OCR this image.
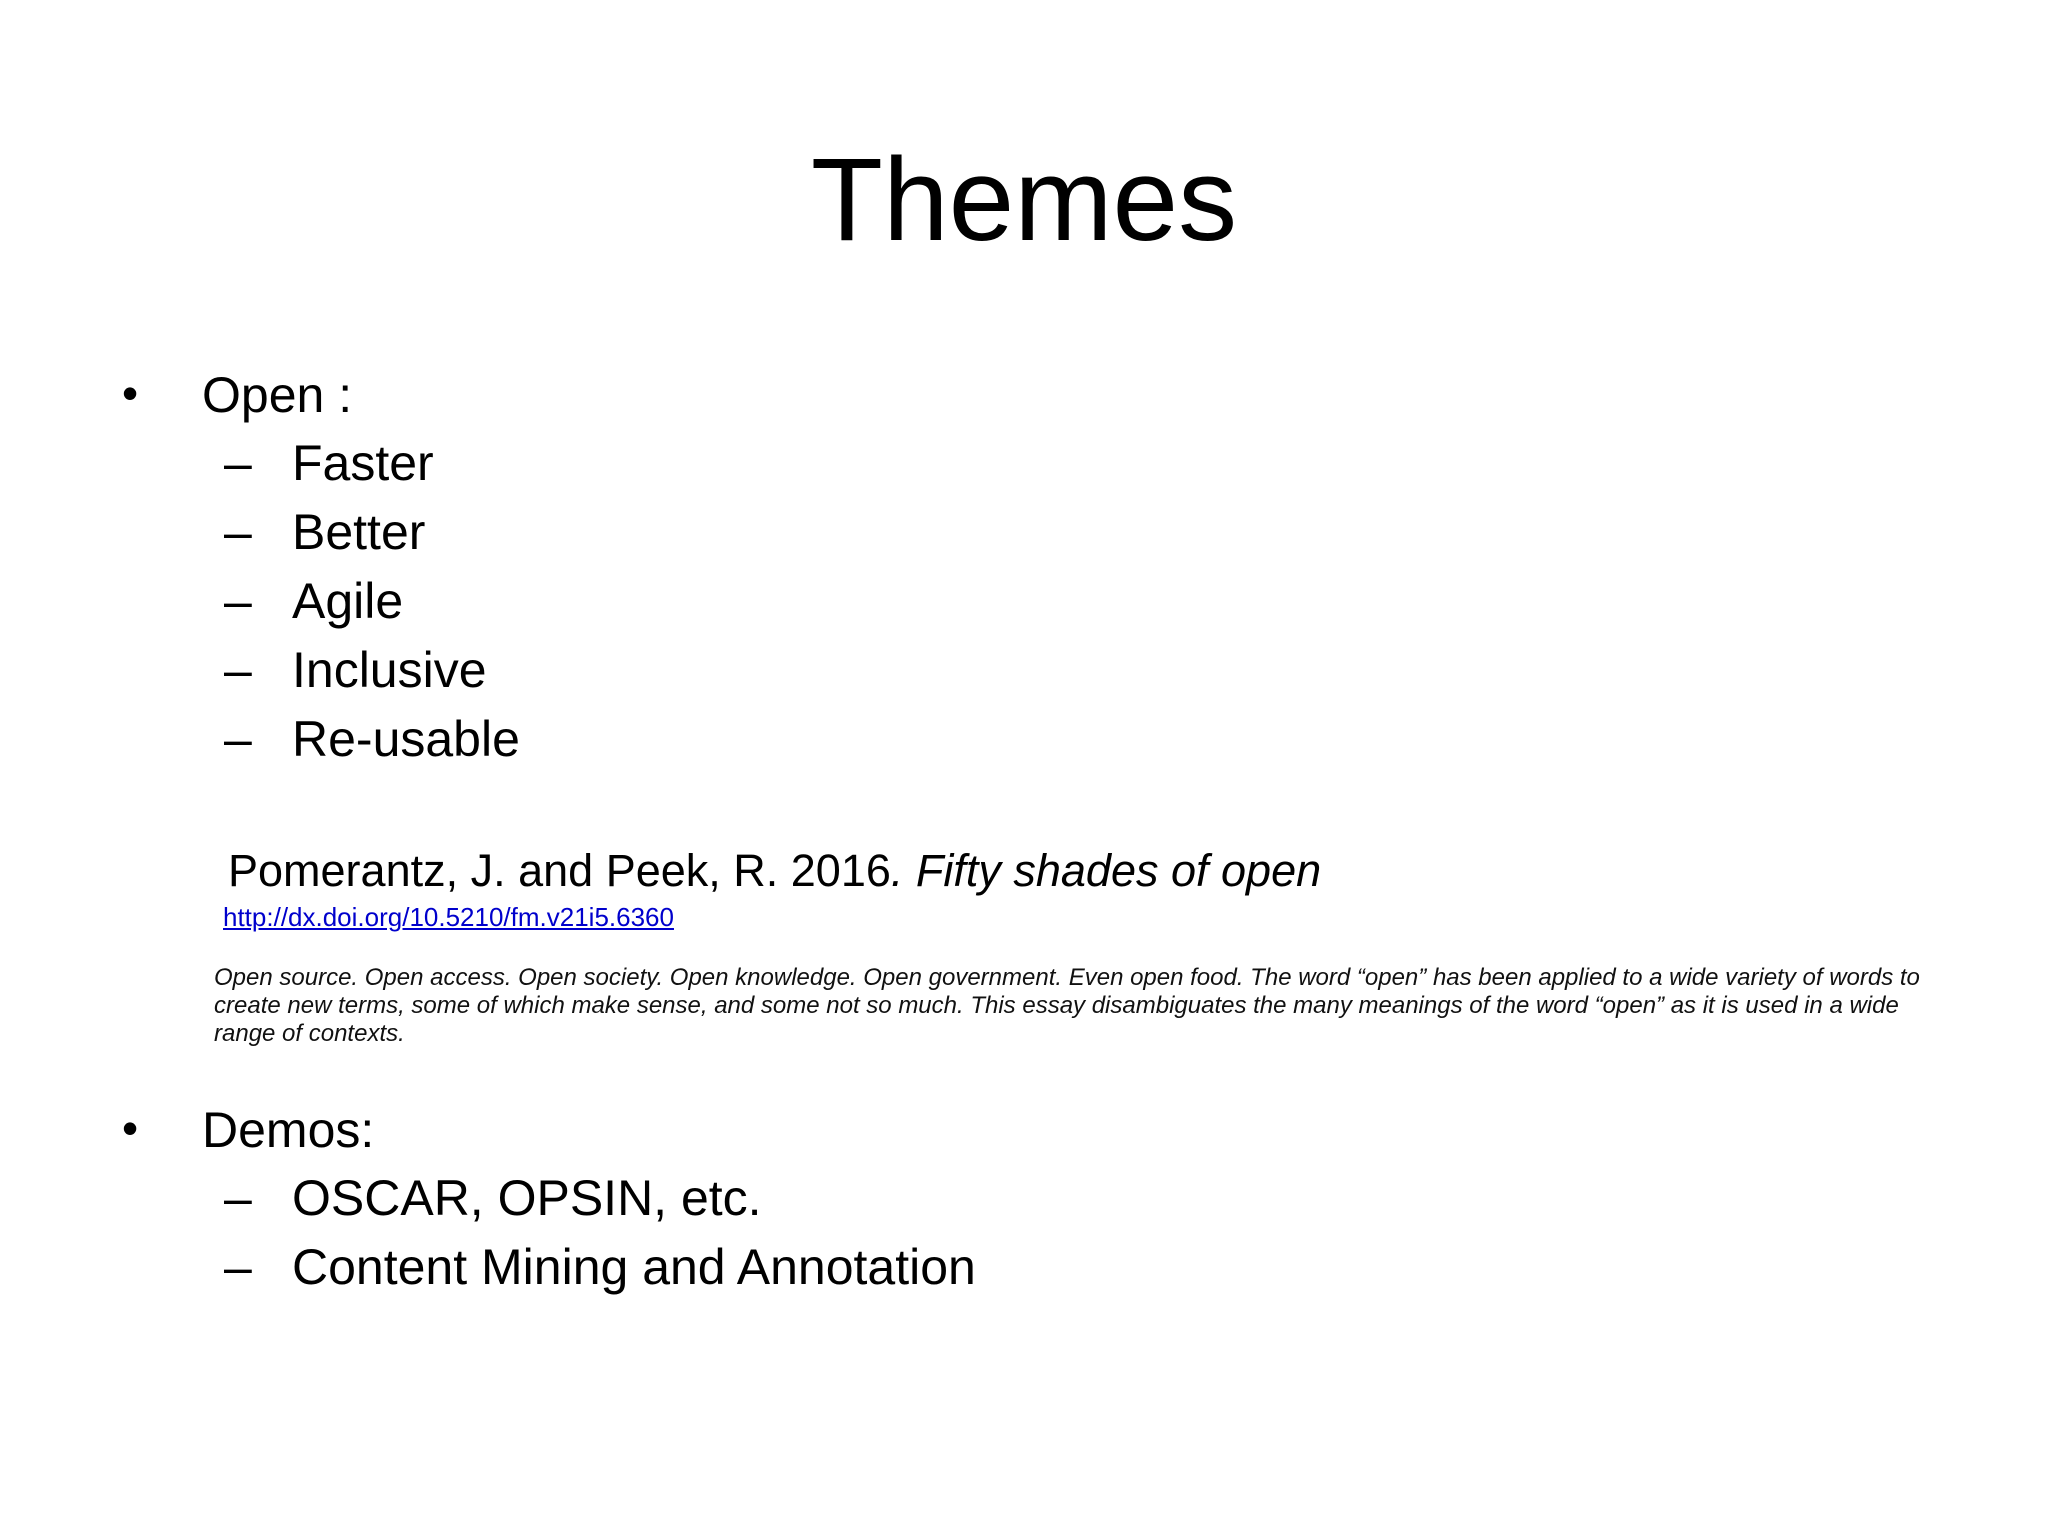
Themes
• Open :
– Faster
– Better
– Agile
– Inclusive
– Re-usable
Pomerantz, J. and Peek, R. 2016. Fifty shades of open
http://dx.doi.org/10.5210/fm.v21i5.6360
Open source. Open access. Open society. Open knowledge. Open government. Even open food. The word “open” has been applied to a wide variety of words to create new terms, some of which make sense, and some not so much. This essay disambiguates the many meanings of the word “open” as it is used in a wide range of contexts.
• Demos:
– OSCAR, OPSIN, etc.
– Content Mining and Annotation
